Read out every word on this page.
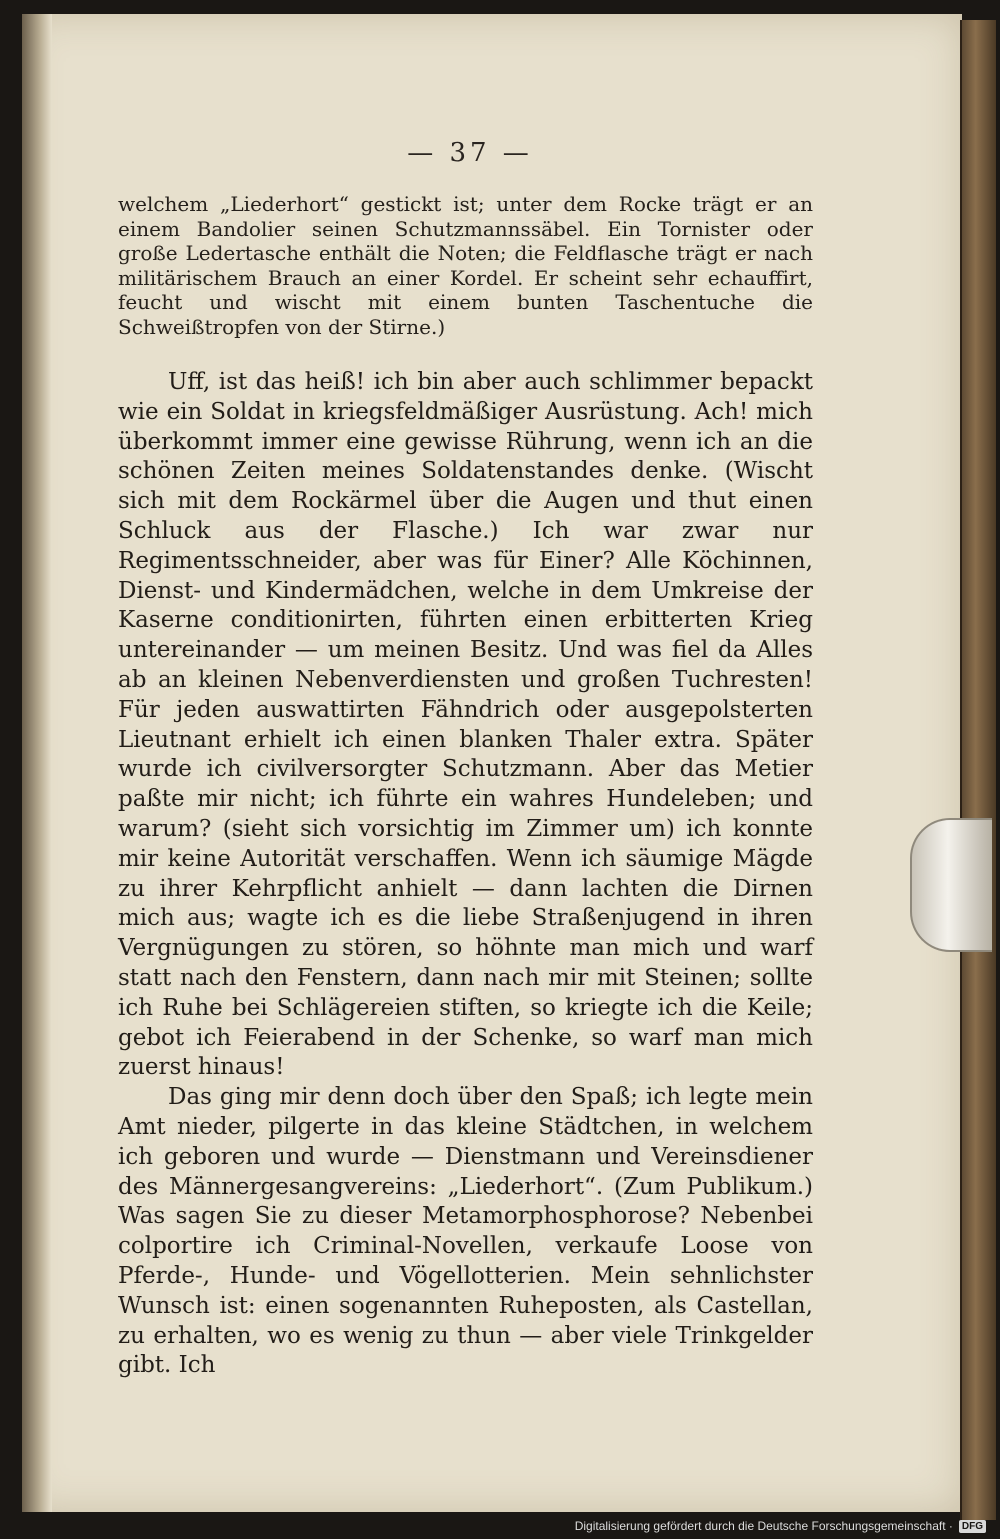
— 37 —
welchem „Liederhort“ gestickt ist; unter dem Rocke trägt er an einem Bandolier seinen Schutzmannssäbel. Ein Tornister oder große Ledertasche enthält die Noten; die Feldflasche trägt er nach militärischem Brauch an einer Kordel. Er scheint sehr echauffirt, feucht und wischt mit einem bunten Taschentuche die Schweißtropfen von der Stirne.)

Uff, ist das heiß! ich bin aber auch schlimmer bepackt wie ein Soldat in kriegsfeldmäßiger Ausrüstung. Ach! mich überkommt immer eine gewisse Rührung, wenn ich an die schönen Zeiten meines Soldatenstandes denke. (Wischt sich mit dem Rockärmel über die Augen und thut einen Schluck aus der Flasche.) Ich war zwar nur Regimentsschneider, aber was für Einer? Alle Köchinnen, Dienst- und Kindermädchen, welche in dem Umkreise der Kaserne conditionirten, führten einen erbitterten Krieg untereinander — um meinen Besitz. Und was fiel da Alles ab an kleinen Nebenverdiensten und großen Tuchresten! Für jeden auswattirten Fähndrich oder ausgepolsterten Lieutnant erhielt ich einen blanken Thaler extra. Später wurde ich civilversorgter Schutzmann. Aber das Metier paßte mir nicht; ich führte ein wahres Hundeleben; und warum? (sieht sich vorsichtig im Zimmer um) ich konnte mir keine Autorität verschaffen. Wenn ich säumige Mägde zu ihrer Kehrpflicht anhielt — dann lachten die Dirnen mich aus; wagte ich es die liebe Straßenjugend in ihren Vergnügungen zu stören, so höhnte man mich und warf statt nach den Fenstern, dann nach mir mit Steinen; sollte ich Ruhe bei Schlägereien stiften, so kriegte ich die Keile; gebot ich Feierabend in der Schenke, so warf man mich zuerst hinaus!

Das ging mir denn doch über den Spaß; ich legte mein Amt nieder, pilgerte in das kleine Städtchen, in welchem ich geboren und wurde — Dienstmann und Vereinsdiener des Männergesangvereins: „Liederhort“. (Zum Publikum.) Was sagen Sie zu dieser Metamorphosphorose? Nebenbei colportire ich Criminal-Novellen, verkaufe Loose von Pferde-, Hunde- und Vögellotterien. Mein sehnlichster Wunsch ist: einen sogenannten Ruheposten, als Castellan, zu erhalten, wo es wenig zu thun — aber viele Trinkgelder gibt. Ich

Digitalisierung gefördert durch die Deutsche Forschungsgemeinschaft · DFG
